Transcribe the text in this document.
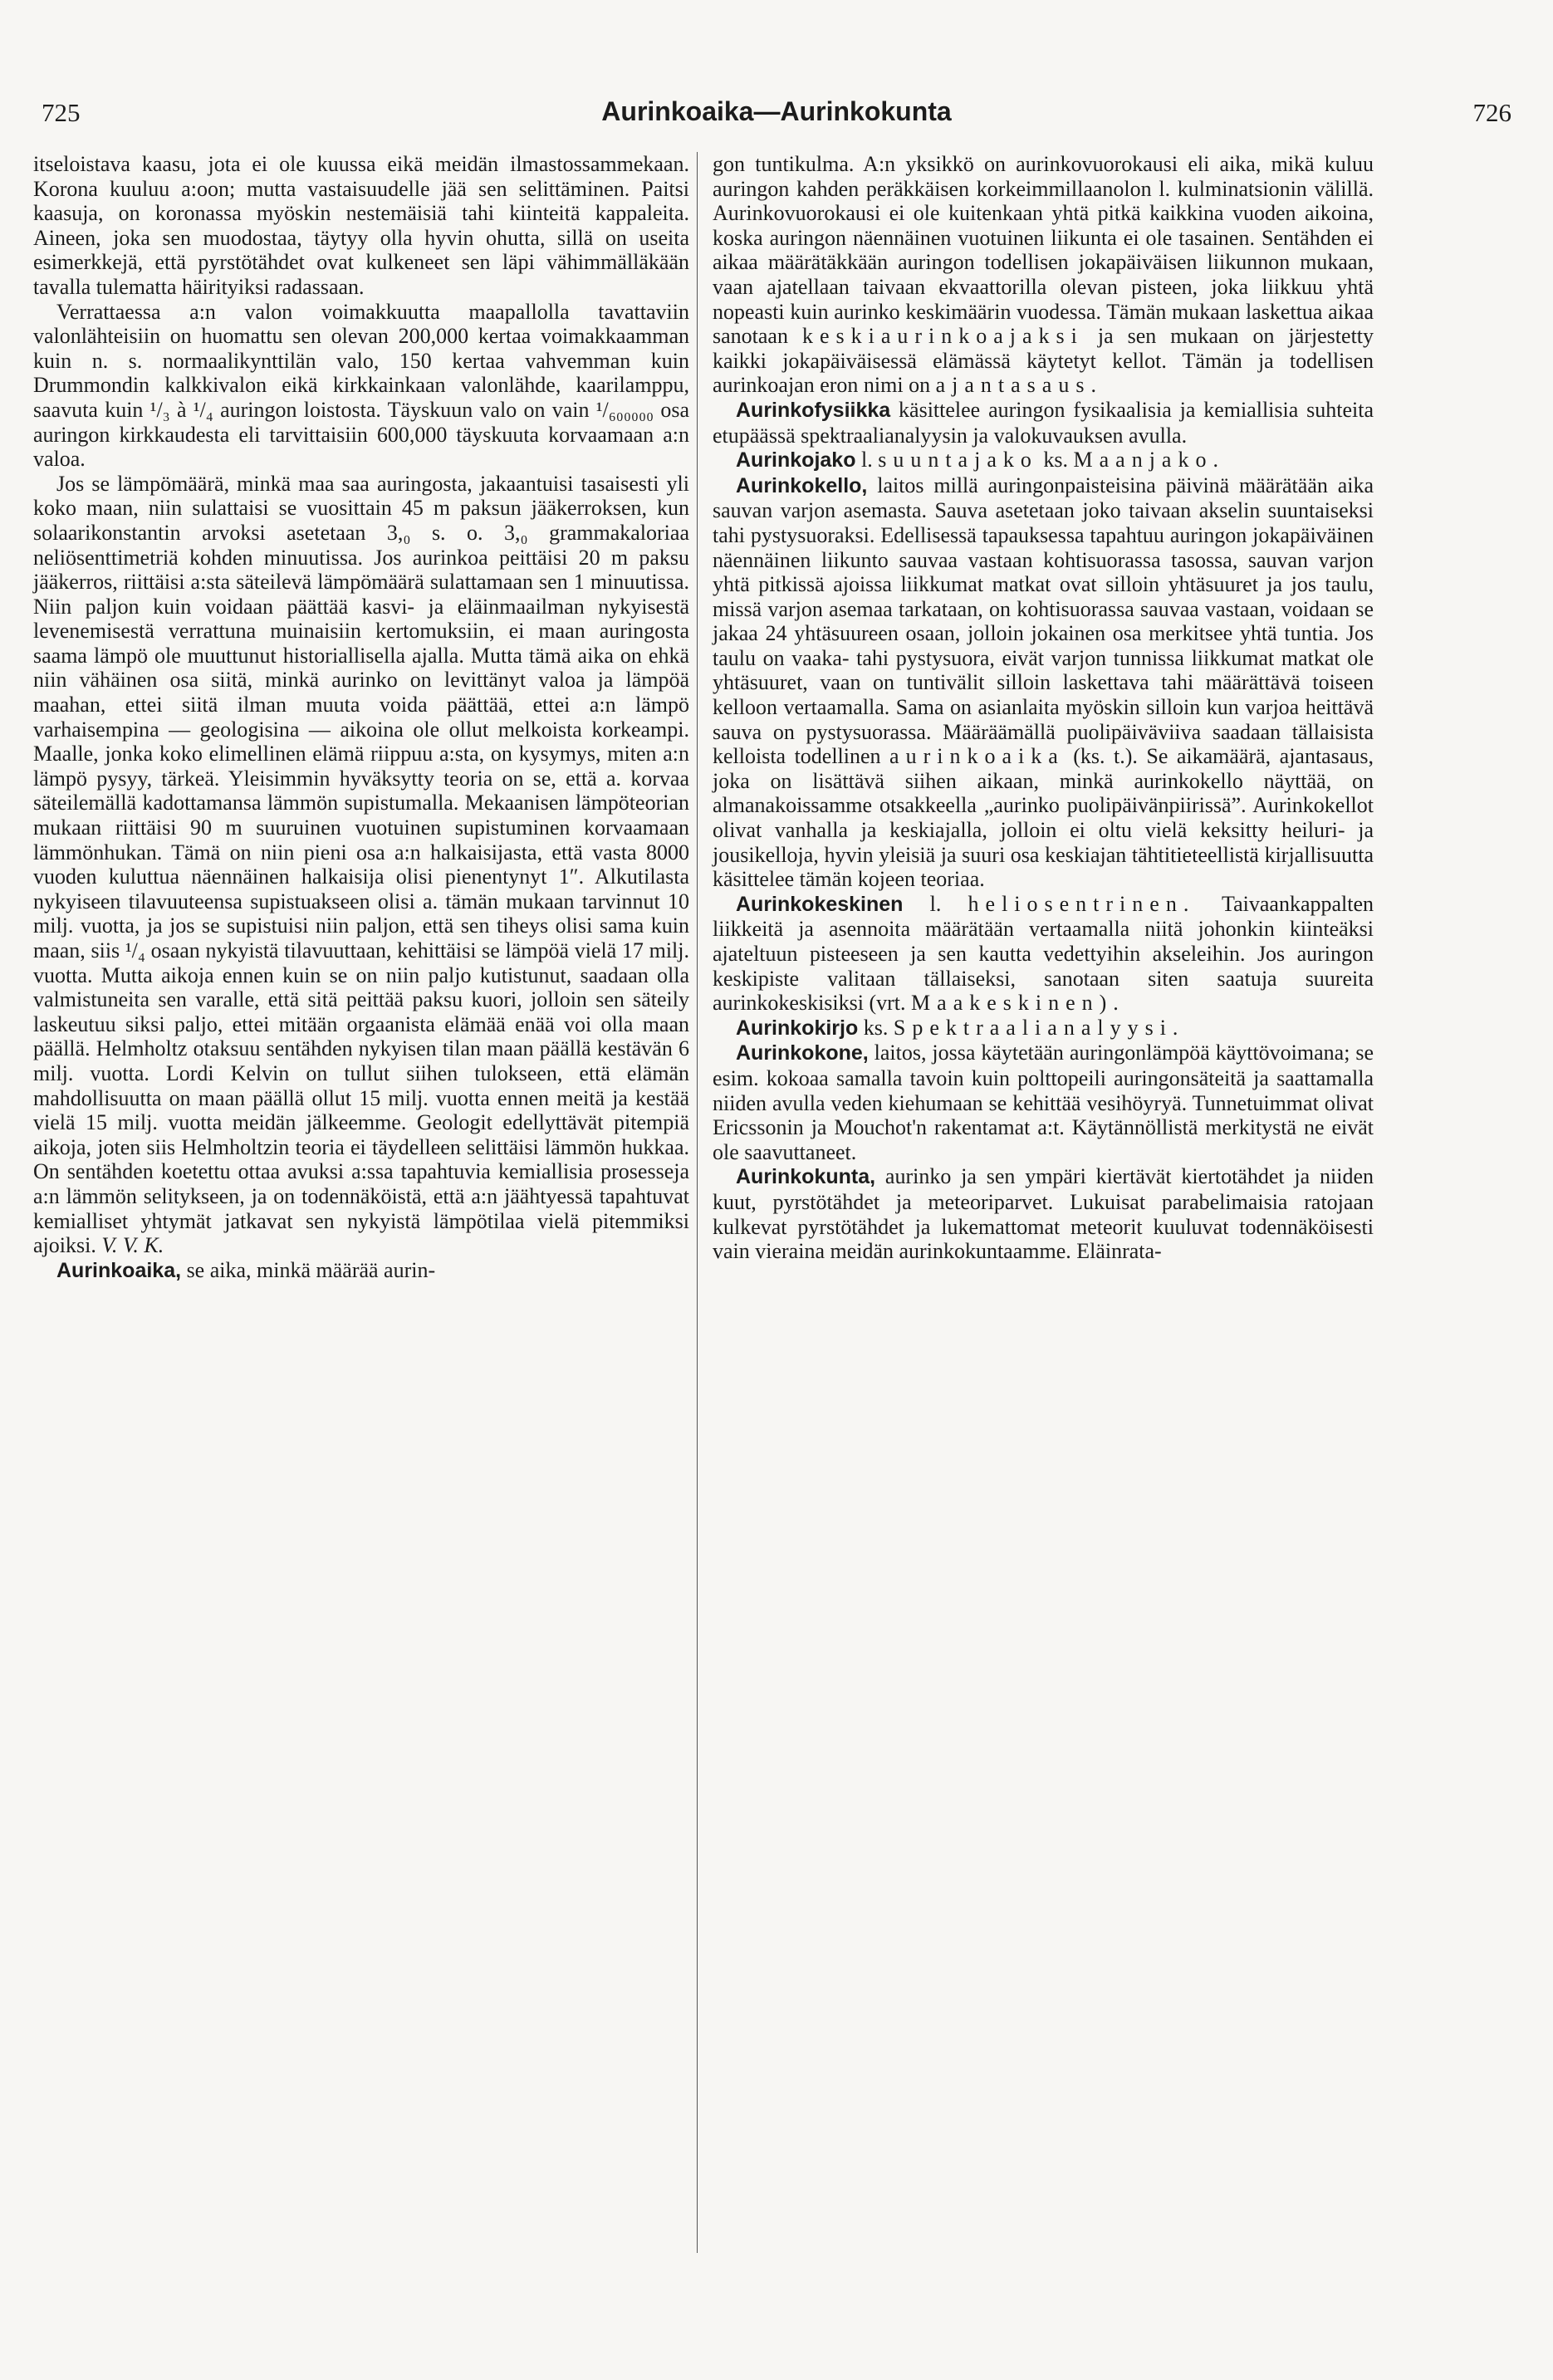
725	Aurinkoaika—Aurinkokunta	726

itseloistava kaasu, jota ei ole kuussa eikä meidän ilmastossammekaan. Korona kuuluu a:oon; mutta vastaisuudelle jää sen selittäminen. Paitsi kaasuja, on koronassa myöskin nestemäisiä tahi kiinteitä kappaleita. Aineen, joka sen muodostaa, täytyy olla hyvin ohutta, sillä on useita esimerkkejä, että pyrstötähdet ovat kulkeneet sen läpi vähimmälläkään tavalla tulematta häirityiksi radassaan.

Verrattaessa a:n valon voimakkuutta maapallolla tavattaviin valonlähteisiin on huomattu sen olevan 200,000 kertaa voimakkaamman kuin n. s. normaalikynttilän valo, 150 kertaa vahvemman kuin Drummondin kalkkivalon eikä kirkkainkaan valonlähde, kaarilamppu, saavuta kuin ¹/₃ à ¹/₄ auringon loistosta. Täyskuun valo on vain ¹/₆₀₀₀₀₀ osa auringon kirkkaudesta eli tarvittaisiin 600,000 täyskuuta korvaamaan a:n valoa.

Jos se lämpömäärä, minkä maa saa auringosta, jakaantuisi tasaisesti yli koko maan, niin sulattaisi se vuosittain 45 m paksun jääkerroksen, kun solaarikonstantin arvoksi asetetaan 3,₀ s. o. 3,₀ grammakaloriaa neliösenttimetriä kohden minuutissa. Jos aurinkoa peittäisi 20 m paksu jääkerros, riittäisi a:sta säteilevä lämpömäärä sulattamaan sen 1 minuutissa. Niin paljon kuin voidaan päättää kasvi- ja eläinmaailman nykyisestä levenemisestä verrattuna muinaisiin kertomuksiin, ei maan auringosta saama lämpö ole muuttunut historiallisella ajalla. Mutta tämä aika on ehkä niin vähäinen osa siitä, minkä aurinko on levittänyt valoa ja lämpöä maahan, ettei siitä ilman muuta voida päättää, ettei a:n lämpö varhaisempina — geologisina — aikoina ole ollut melkoista korkeampi. Maalle, jonka koko elimellinen elämä riippuu a:sta, on kysymys, miten a:n lämpö pysyy, tärkeä. Yleisimmin hyväksytty teoria on se, että a. korvaa säteilemällä kadottamansa lämmön supistumalla. Mekaanisen lämpöteorian mukaan riittäisi 90 m suuruinen vuotuinen supistuminen korvaamaan lämmönhukan. Tämä on niin pieni osa a:n halkaisijasta, että vasta 8000 vuoden kuluttua näennäinen halkaisija olisi pienentynyt 1″. Alkutilasta nykyiseen tilavuuteensa supistuakseen olisi a. tämän mukaan tarvinnut 10 milj. vuotta, ja jos se supistuisi niin paljon, että sen tiheys olisi sama kuin maan, siis ¹/₄ osaan nykyistä tilavuuttaan, kehittäisi se lämpöä vielä 17 milj. vuotta. Mutta aikoja ennen kuin se on niin paljo kutistunut, saadaan olla valmistuneita sen varalle, että sitä peittää paksu kuori, jolloin sen säteily laskeutuu siksi paljo, ettei mitään orgaanista elämää enää voi olla maan päällä. Helmholtz otaksuu sentähden nykyisen tilan maan päällä kestävän 6 milj. vuotta. Lordi Kelvin on tullut siihen tulokseen, että elämän mahdollisuutta on maan päällä ollut 15 milj. vuotta ennen meitä ja kestää vielä 15 milj. vuotta meidän jälkeemme. Geologit edellyttävät pitempiä aikoja, joten siis Helmholtzin teoria ei täydelleen selittäisi lämmön hukkaa. On sentähden koetettu ottaa avuksi a:ssa tapahtuvia kemiallisia prosesseja a:n lämmön selitykseen, ja on todennäköistä, että a:n jäähtyessä tapahtuvat kemialliset yhtymät jatkavat sen nykyistä lämpötilaa vielä pitemmiksi ajoiksi. V. V. K.

Aurinkoaika, se aika, minkä määrää aurin-

gon tuntikulma. A:n yksikkö on aurinkovuorokausi eli aika, mikä kuluu auringon kahden peräkkäisen korkeimmillaanolon l. kulminatsionin välillä. Aurinkovuorokausi ei ole kuitenkaan yhtä pitkä kaikkina vuoden aikoina, koska auringon näennäinen vuotuinen liikunta ei ole tasainen. Sentähden ei aikaa määrätäkkään auringon todellisen jokapäiväisen liikunnon mukaan, vaan ajatellaan taivaan ekvaattorilla olevan pisteen, joka liikkuu yhtä nopeasti kuin aurinko keskimäärin vuodessa. Tämän mukaan laskettua aikaa sanotaan keskiaurinkoajaksi ja sen mukaan on järjestetty kaikki jokapäiväisessä elämässä käytetyt kellot. Tämän ja todellisen aurinkoajan eron nimi on ajantasaus.

Aurinkofysiikka käsittelee auringon fysikaalisia ja kemiallisia suhteita etupäässä spektraalianalyysin ja valokuvauksen avulla.

Aurinkojako l. suuntajako ks. Maanjako.

Aurinkokello, laitos millä auringonpaisteisina päivinä määrätään aika sauvan varjon asemasta. Sauva asetetaan joko taivaan akselin suuntaiseksi tahi pystysuoraksi. Edellisessä tapauksessa tapahtuu auringon jokapäiväinen näennäinen liikunto sauvaa vastaan kohtisuorassa tasossa, sauvan varjon yhtä pitkissä ajoissa liikkumat matkat ovat silloin yhtäsuuret ja jos taulu, missä varjon asemaa tarkataan, on kohtisuorassa sauvaa vastaan, voidaan se jakaa 24 yhtäsuureen osaan, jolloin jokainen osa merkitsee yhtä tuntia. Jos taulu on vaaka- tahi pystysuora, eivät varjon tunnissa liikkumat matkat ole yhtäsuuret, vaan on tuntivälit silloin laskettava tahi määrättävä toiseen kelloon vertaamalla. Sama on asianlaita myöskin silloin kun varjoa heittävä sauva on pystysuorassa. Määräämällä puolipäiväviiva saadaan tällaisista kelloista todellinen aurinkoaika (ks. t.). Se aikamäärä, ajantasaus, joka on lisättävä siihen aikaan, minkä aurinkokello näyttää, on almanakoissamme otsakkeella „aurinko puolipäivänpiirissä”. Aurinkokellot olivat vanhalla ja keskiajalla, jolloin ei oltu vielä keksitty heiluri- ja jousikelloja, hyvin yleisiä ja suuri osa keskiajan tähtitieteellistä kirjallisuutta käsittelee tämän kojeen teoriaa.

Aurinkokeskinen l. heliosentrinen. Taivaankappalten liikkeitä ja asennoita määrätään vertaamalla niitä johonkin kiinteäksi ajateltuun pisteeseen ja sen kautta vedettyihin akseleihin. Jos auringon keskipiste valitaan tällaiseksi, sanotaan siten saatuja suureita aurinkokeskisiksi (vrt. Maakeskinen).

Aurinkokirjo ks. Spektraalianalyysi.

Aurinkokone, laitos, jossa käytetään auringonlämpöä käyttövoimana; se esim. kokoaa samalla tavoin kuin polttopeili auringonsäteitä ja saattamalla niiden avulla veden kiehumaan se kehittää vesihöyryä. Tunnetuimmat olivat Ericssonin ja Mouchot'n rakentamat a:t. Käytännöllistä merkitystä ne eivät ole saavuttaneet.

Aurinkokunta, aurinko ja sen ympäri kiertävät kiertotähdet ja niiden kuut, pyrstötähdet ja meteoriparvet. Lukuisat parabelimaisia ratojaan kulkevat pyrstötähdet ja lukemattomat meteorit kuuluvat todennäköisesti vain vieraina meidän aurinkokuntaamme. Eläinrata-
